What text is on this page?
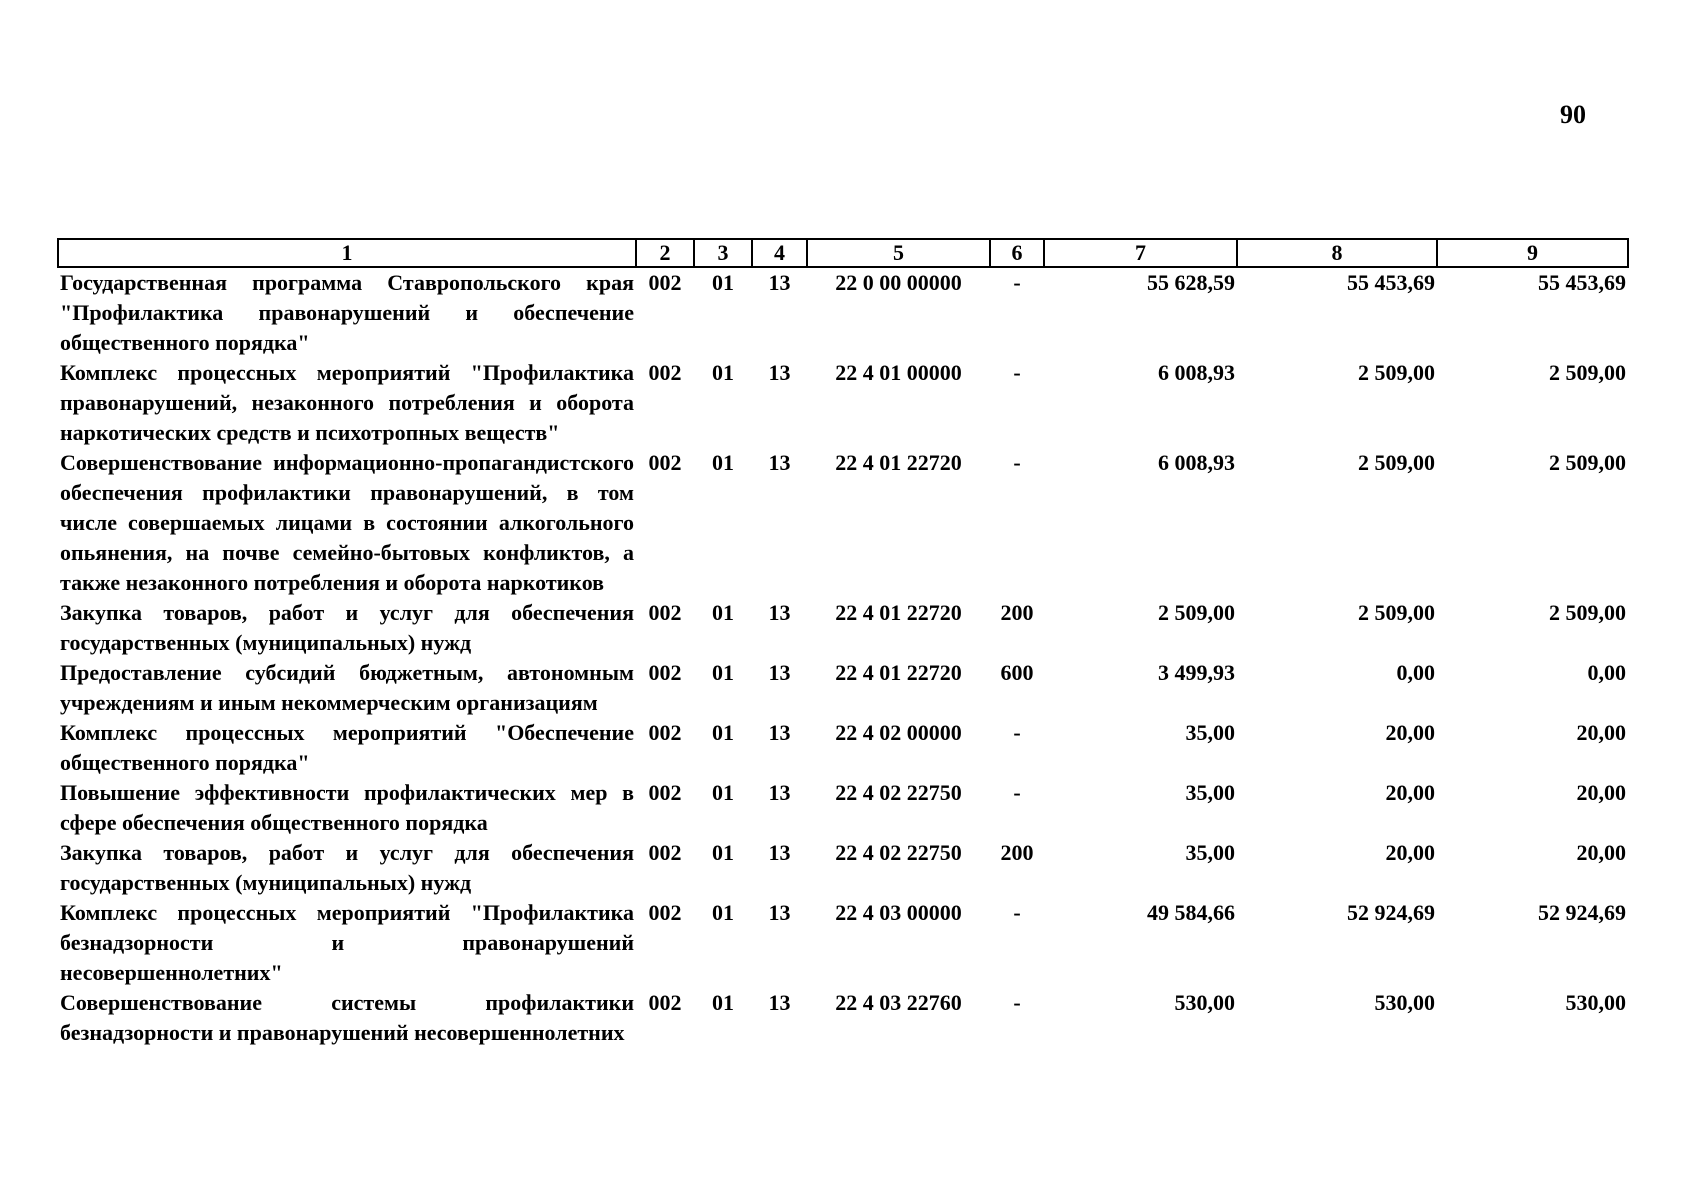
90
1	2	3	4	5	6	7	8	9
Государственная программа Ставропольского края "Профилактика правонарушений и обеспечение общественного порядка"	002	01	13	22 0 00 00000	-	55 628,59	55 453,69	55 453,69
Комплекс процессных мероприятий "Профилактика правонарушений, незаконного потребления и оборота наркотических средств и психотропных веществ"	002	01	13	22 4 01 00000	-	6 008,93	2 509,00	2 509,00
Совершенствование информационно-пропагандистского обеспечения профилактики правонарушений, в том числе совершаемых лицами в состоянии алкогольного опьянения, на почве семейно-бытовых конфликтов, а также незаконного потребления и оборота наркотиков	002	01	13	22 4 01 22720	-	6 008,93	2 509,00	2 509,00
Закупка товаров, работ и услуг для обеспечения государственных (муниципальных) нужд	002	01	13	22 4 01 22720	200	2 509,00	2 509,00	2 509,00
Предоставление субсидий бюджетным, автономным учреждениям и иным некоммерческим организациям	002	01	13	22 4 01 22720	600	3 499,93	0,00	0,00
Комплекс процессных мероприятий "Обеспечение общественного порядка"	002	01	13	22 4 02 00000	-	35,00	20,00	20,00
Повышение эффективности профилактических мер в сфере обеспечения общественного порядка	002	01	13	22 4 02 22750	-	35,00	20,00	20,00
Закупка товаров, работ и услуг для обеспечения государственных (муниципальных) нужд	002	01	13	22 4 02 22750	200	35,00	20,00	20,00
Комплекс процессных мероприятий "Профилактика безнадзорности и правонарушений несовершеннолетних"	002	01	13	22 4 03 00000	-	49 584,66	52 924,69	52 924,69
Совершенствование системы профилактики безнадзорности и правонарушений несовершеннолетних	002	01	13	22 4 03 22760	-	530,00	530,00	530,00
